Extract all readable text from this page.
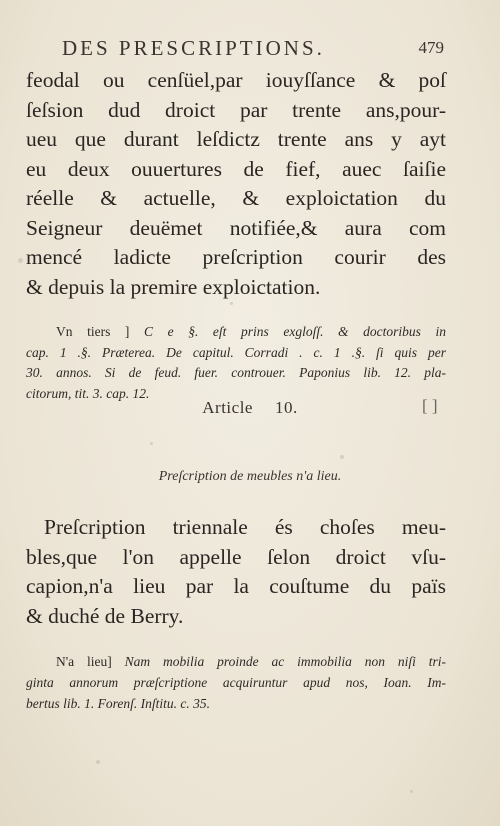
DES PRESCRIPTIONS.	479
feodal ou cenſüel,par iouyſſance & poſ
ſeſsion dud droict par trente ans,pour-
ueu que durant leſdictz trente ans y ayt
eu deux ouuertures de fief, auec ſaiſie
réelle & actuelle, & exploictation du
Seigneur deuëmet notifiée,& aura com
mencé ladicte preſcription courir des
& depuis la premire exploictation.
Vn tiers ] C e §. eſt prins exgloſſ. & doctoribus in
cap. 1 .§. Præterea. De capitul. Corradi . c. 1 .§. ſi quis per
30. annos. Si de feud. fuer. controuer. Paponius lib. 12. pla-
citorum, tit. 3. cap. 12.
Article 10.	[ ]
Preſcription de meubles n'a lieu.
Preſcription triennale és choſes meu-
bles,que l'on appelle ſelon droict vſu-
capion,n'a lieu par la couſtume du païs
& duché de Berry.
N'a lieu] Nam mobilia proinde ac immobilia non niſi tri-
ginta annorum præſcriptione acquiruntur apud nos, Ioan. Im-
bertus lib. 1. Forenſ. Inſtitu. c. 35.
